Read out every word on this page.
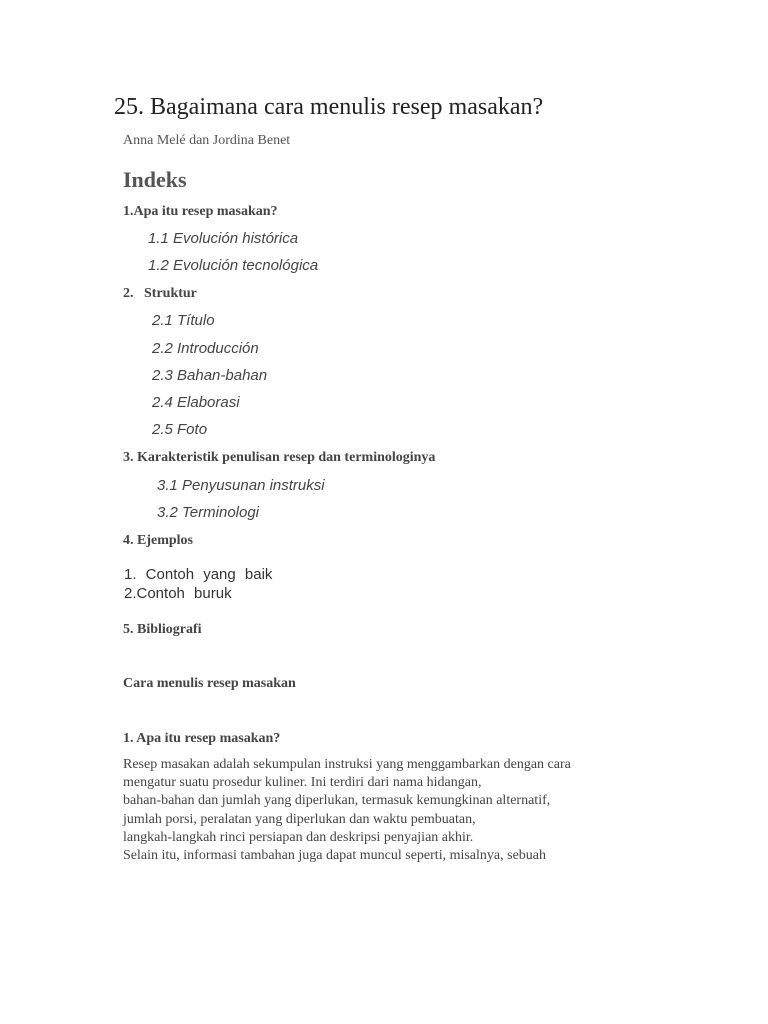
25. Bagaimana cara menulis resep masakan?
Anna Melé dan Jordina Benet
Indeks
1.Apa itu resep masakan?
1.1 Evolución histórica
1.2 Evolución tecnológica
2.   Struktur
2.1 Título
2.2 Introducción
2.3 Bahan-bahan
2.4 Elaborasi
2.5 Foto
3. Karakteristik penulisan resep dan terminologinya
3.1 Penyusunan instruksi
3.2 Terminologi
4. Ejemplos
1. Contoh yang baik
2.Contoh buruk
5. Bibliografi
Cara menulis resep masakan
1. Apa itu resep masakan?
Resep masakan adalah sekumpulan instruksi yang menggambarkan dengan cara
mengatur suatu prosedur kuliner. Ini terdiri dari nama hidangan,
bahan-bahan dan jumlah yang diperlukan, termasuk kemungkinan alternatif,
jumlah porsi, peralatan yang diperlukan dan waktu pembuatan,
langkah-langkah rinci persiapan dan deskripsi penyajian akhir.
Selain itu, informasi tambahan juga dapat muncul seperti, misalnya, sebuah
